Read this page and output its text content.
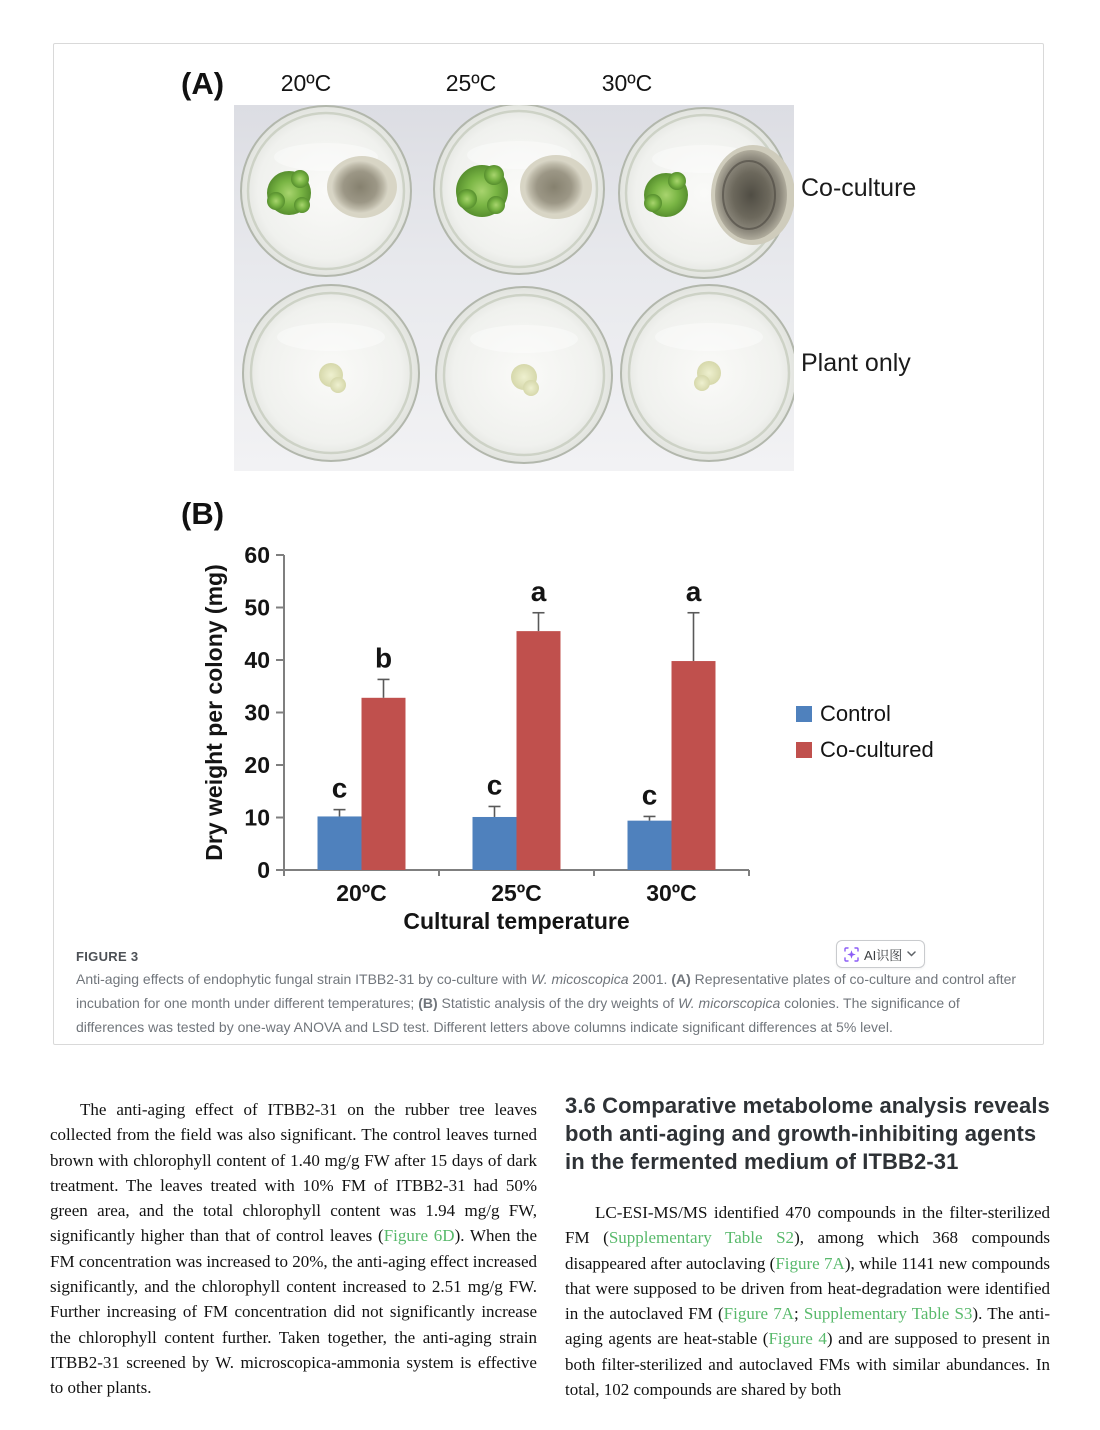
(A)	20ºC	25ºC	30ºC
Co-culture
Plant only
(B)
0
10
20
30
40
50
60
20ºC	25ºC	30ºC
c	c	c
b
a	a
Cultural temperature
Dry weight per colony (mg)	Control
Co-cultured
AI识图
FIGURE 3

Anti-aging effects of endophytic fungal strain ITBB2-31 by co-culture with W. micoscopica 2001. (A) Representative plates of co-culture and control after incubation for one month under different temperatures; (B) Statistic analysis of the dry weights of W. micorscopica colonies. The significance of differences was tested by one-way ANOVA and LSD test. Different letters above columns indicate significant differences at 5% level.

The anti-aging effect of ITBB2-31 on the rubber tree leaves collected from the field was also significant. The control leaves turned brown with chlorophyll content of 1.40 mg/g FW after 15 days of dark treatment. The leaves treated with 10% FM of ITBB2-31 had 50% green area, and the total chlorophyll content was 1.94 mg/g FW, significantly higher than that of control leaves (Figure 6D). When the FM concentration was increased to 20%, the anti-aging effect increased significantly, and the chlorophyll content increased to 2.51 mg/g FW. Further increasing of FM concentration did not significantly increase the chlorophyll content further. Taken together, the anti-aging strain ITBB2-31 screened by W. microscopica-ammonia system is effective to other plants.

3.6 Comparative metabolome analysis reveals both anti-aging and growth-inhibiting agents in the fermented medium of ITBB2-31

LC-ESI-MS/MS identified 470 compounds in the filter-sterilized FM (Supplementary Table S2), among which 368 compounds disappeared after autoclaving (Figure 7A), while 1141 new compounds that were supposed to be driven from heat-degradation were identified in the autoclaved FM (Figure 7A; Supplementary Table S3). The anti-aging agents are heat-stable (Figure 4) and are supposed to present in both filter-sterilized and autoclaved FMs with similar abundances. In total, 102 compounds are shared by both
